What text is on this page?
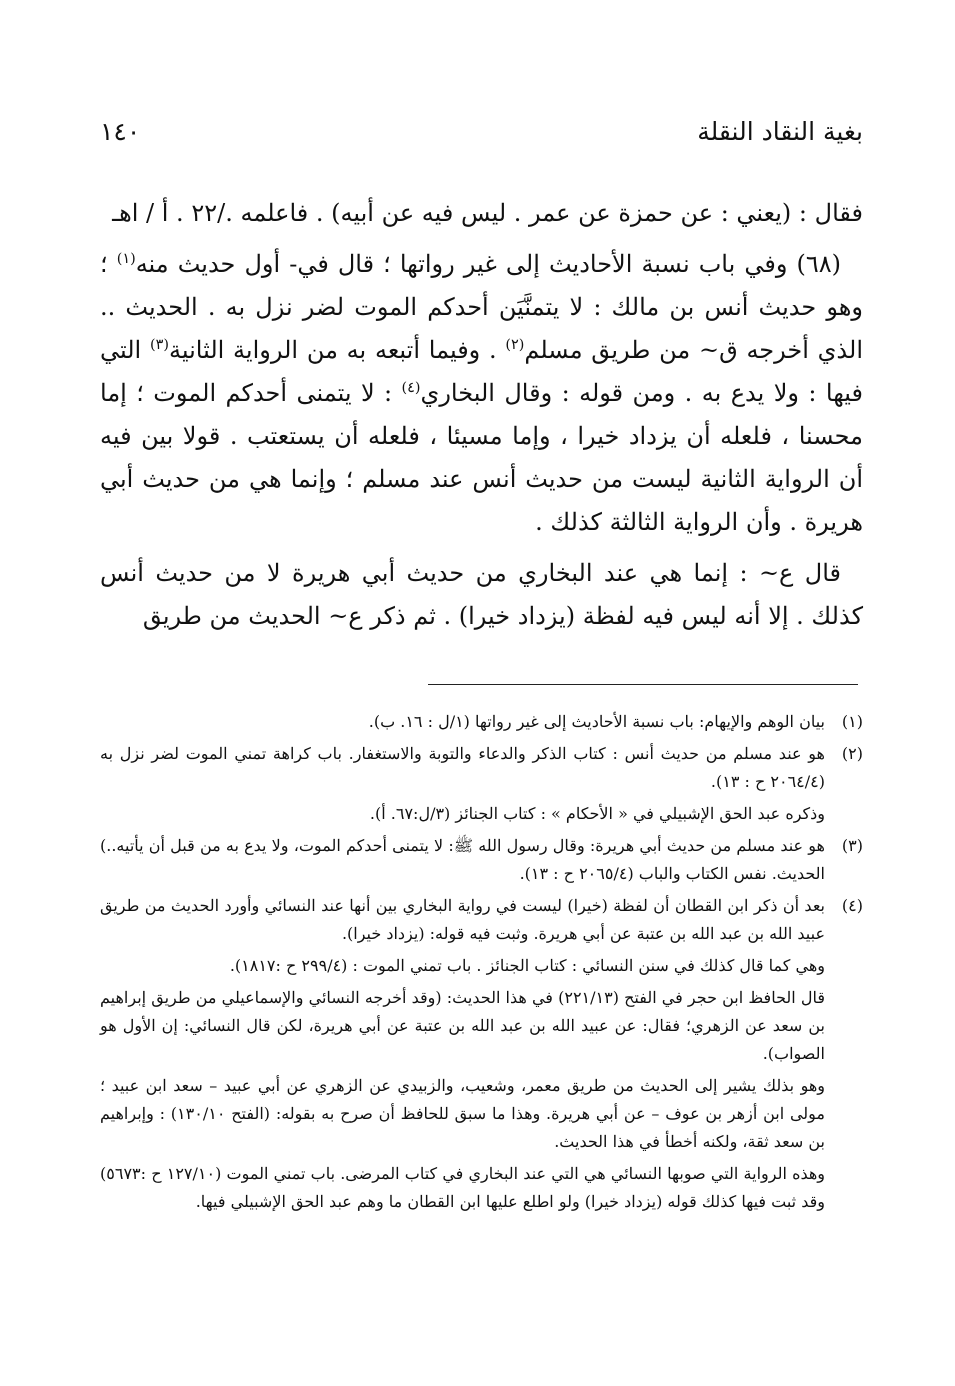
بغية النقاد النقلة
١٤٠

فقال : (يعني : عن حمزة عن عمر . ليس فيه عن أبيه) . فاعلمه ./٢٢ . أ / اهـ

(٦٨) وفي باب نسبة الأحاديث إلى غير رواتها ؛ قال في- أول حديث منه$^{(١)}$ ؛ وهو حديث أنس بن مالك : لا يتمنَّيَن أحدكم الموت لضر نزل به . الحديث .. الذي أخرجه ق~ من طريق مسلم$^{(٢)}$ . وفيما أتبعه به من الرواية الثانية$^{(٣)}$ التي فيها : ولا يدع به . ومن قوله : وقال البخاري$^{(٤)}$ : لا يتمنى أحدكم الموت ؛ إما محسنا ، فلعله أن يزداد خيرا ، وإما مسيئا ، فلعله أن يستعتب . قولا بين فيه أن الرواية الثانية ليست من حديث أنس عند مسلم ؛ وإنما هي من حديث أبي هريرة . وأن الرواية الثالثة كذلك .

قال ع~ : إنما هي عند البخاري من حديث أبي هريرة لا من حديث أنس كذلك . إلا أنه ليس فيه لفظة (يزداد خيرا) . ثم ذكر ع~ الحديث من طريق

(١)
بيان الوهم والإيهام: باب نسبة الأحاديث إلى غير رواتها (١/ل : ١٦. ب).

(٢)
هو عند مسلم من حديث أنس : كتاب الذكر والدعاء والتوبة والاستغفار. باب كراهة تمني الموت لضر نزل به (٢٠٦٤/٤ ح : ١٣).

وذكره عبد الحق الإشبيلي في « الأحكام » : كتاب الجنائز (٣/ل:٦٧. أ).

(٣)
هو عند مسلم من حديث أبي هريرة: وقال رسول الله ﷺ: لا يتمنى أحدكم الموت، ولا يدع به من قبل أن يأتيه..) الحديث. نفس الكتاب والباب (٢٠٦٥/٤ ح : ١٣).

(٤)
بعد أن ذكر ابن القطان أن لفظة (خيرا) ليست في رواية البخاري بين أنها عند النسائي وأورد الحديث من طريق عبيد الله بن عبد الله بن عتبة عن أبي هريرة. وثبت فيه قوله: (يزداد خيرا).

وهي كما قال كذلك في سنن النسائي : كتاب الجنائز . باب تمني الموت : (٢٩٩/٤ ح :١٨١٧).

قال الحافظ ابن حجر في الفتح (٢٢١/١٣) في هذا الحديث: (وقد أخرجه النسائي والإسماعيلي من طريق إبراهيم بن سعد عن الزهري؛ فقال: عن عبيد الله بن عبد الله بن عتبة عن أبي هريرة، لكن قال النسائي: إن الأول هو الصواب).

وهو بذلك يشير إلى الحديث من طريق معمر، وشعيب، والزبيدي عن الزهري عن أبي عبيد – سعد ابن عبيد ؛ مولى ابن أزهر بن عوف – عن أبي هريرة. وهذا ما سبق للحافظ أن صرح به بقوله: (الفتح ١٣٠/١٠) : وإبراهيم بن سعد ثقة، ولكنه أخطأ في هذا الحديث.

وهذه الرواية التي صوبها النسائي هي التي عند البخاري في كتاب المرضى. باب تمني الموت (١٢٧/١٠ ح :٥٦٧٣) وقد ثبت فيها كذلك قوله (يزداد خيرا) ولو اطلع عليها ابن القطان ما وهم عبد الحق الإشبيلي فيها.
